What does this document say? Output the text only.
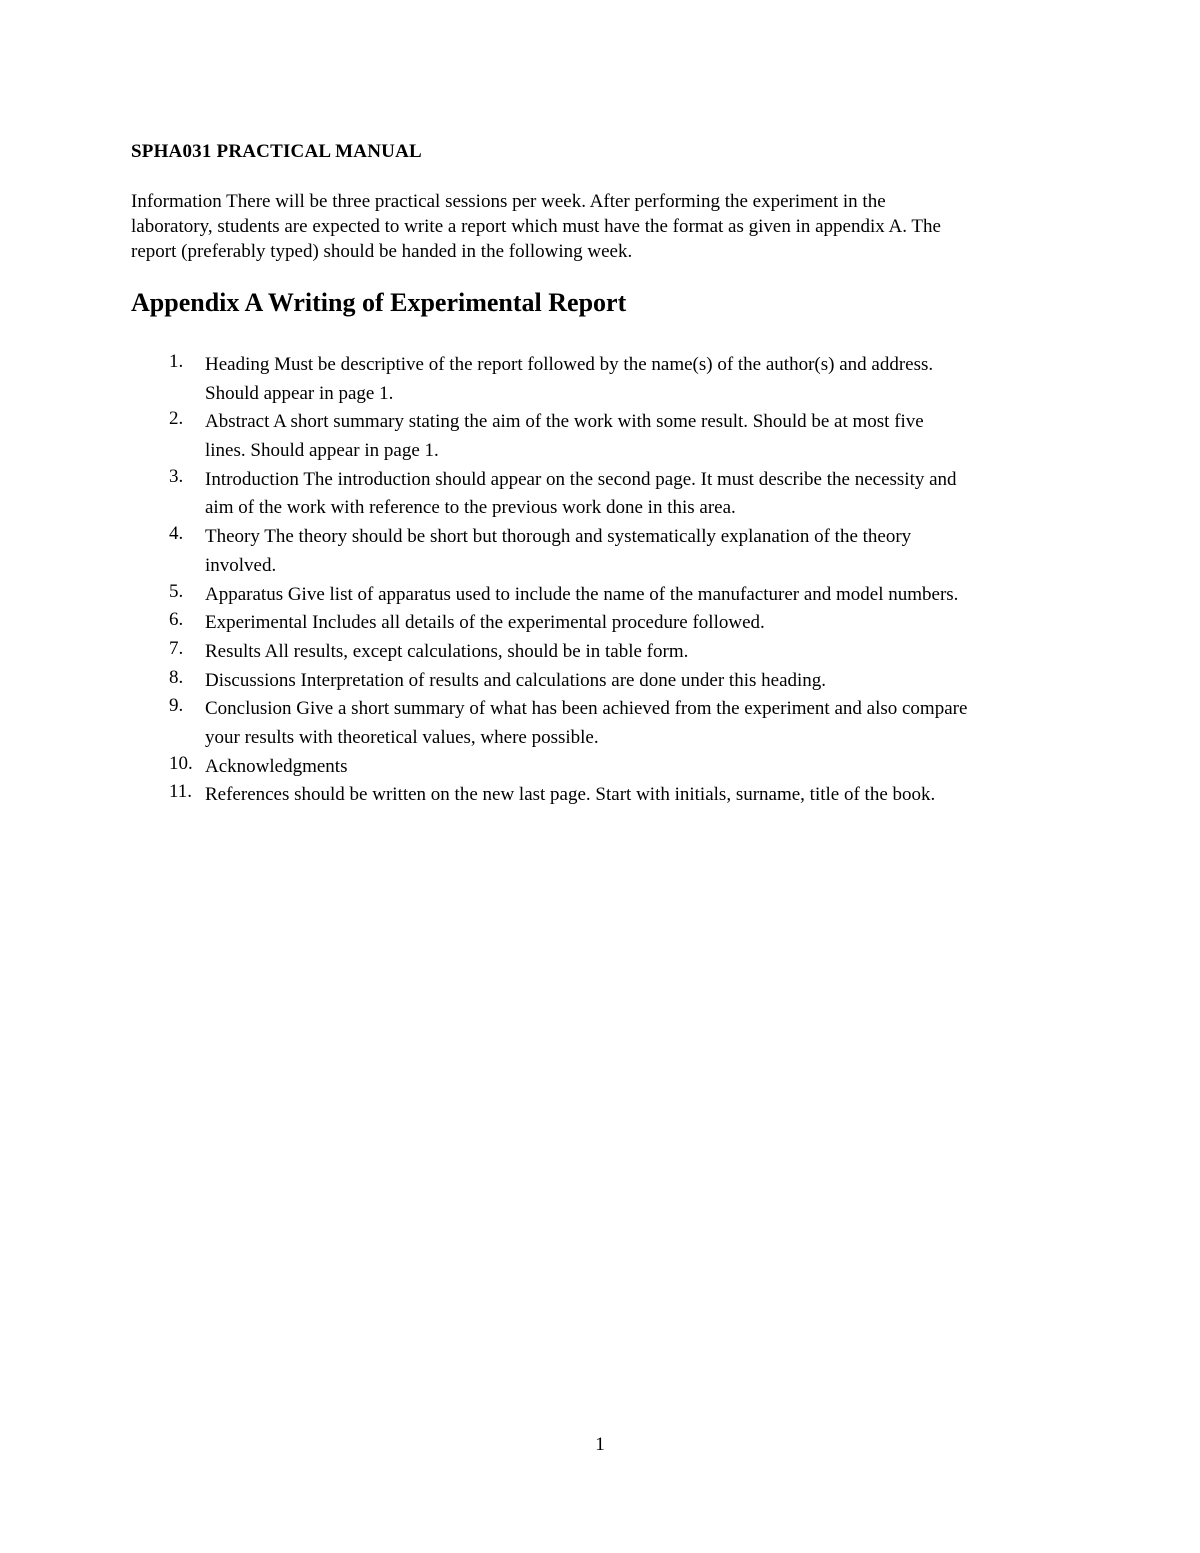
SPHA031 PRACTICAL MANUAL

Information There will be three practical sessions per week. After performing the experiment in the
laboratory, students are expected to write a report which must have the format as given in appendix A. The
report (preferably typed) should be handed in the following week.

Appendix A Writing of Experimental Report
1.	Heading Must be descriptive of the report followed by the name(s) of the author(s) and address.
Should appear in page 1.
2.	Abstract A short summary stating the aim of the work with some result. Should be at most five
lines. Should appear in page 1.
3.	Introduction The introduction should appear on the second page. It must describe the necessity and
aim of the work with reference to the previous work done in this area.
4.	Theory The theory should be short but thorough and systematically explanation of the theory
involved.
5.	Apparatus Give list of apparatus used to include the name of the manufacturer and model numbers.
6.	Experimental Includes all details of the experimental procedure followed.
7.	Results All results, except calculations, should be in table form.
8.	Discussions Interpretation of results and calculations are done under this heading.
9.	Conclusion Give a short summary of what has been achieved from the experiment and also compare
your results with theoretical values, where possible.
10. Acknowledgments
11. References should be written on the new last page. Start with initials, surname, title of the book.
1
